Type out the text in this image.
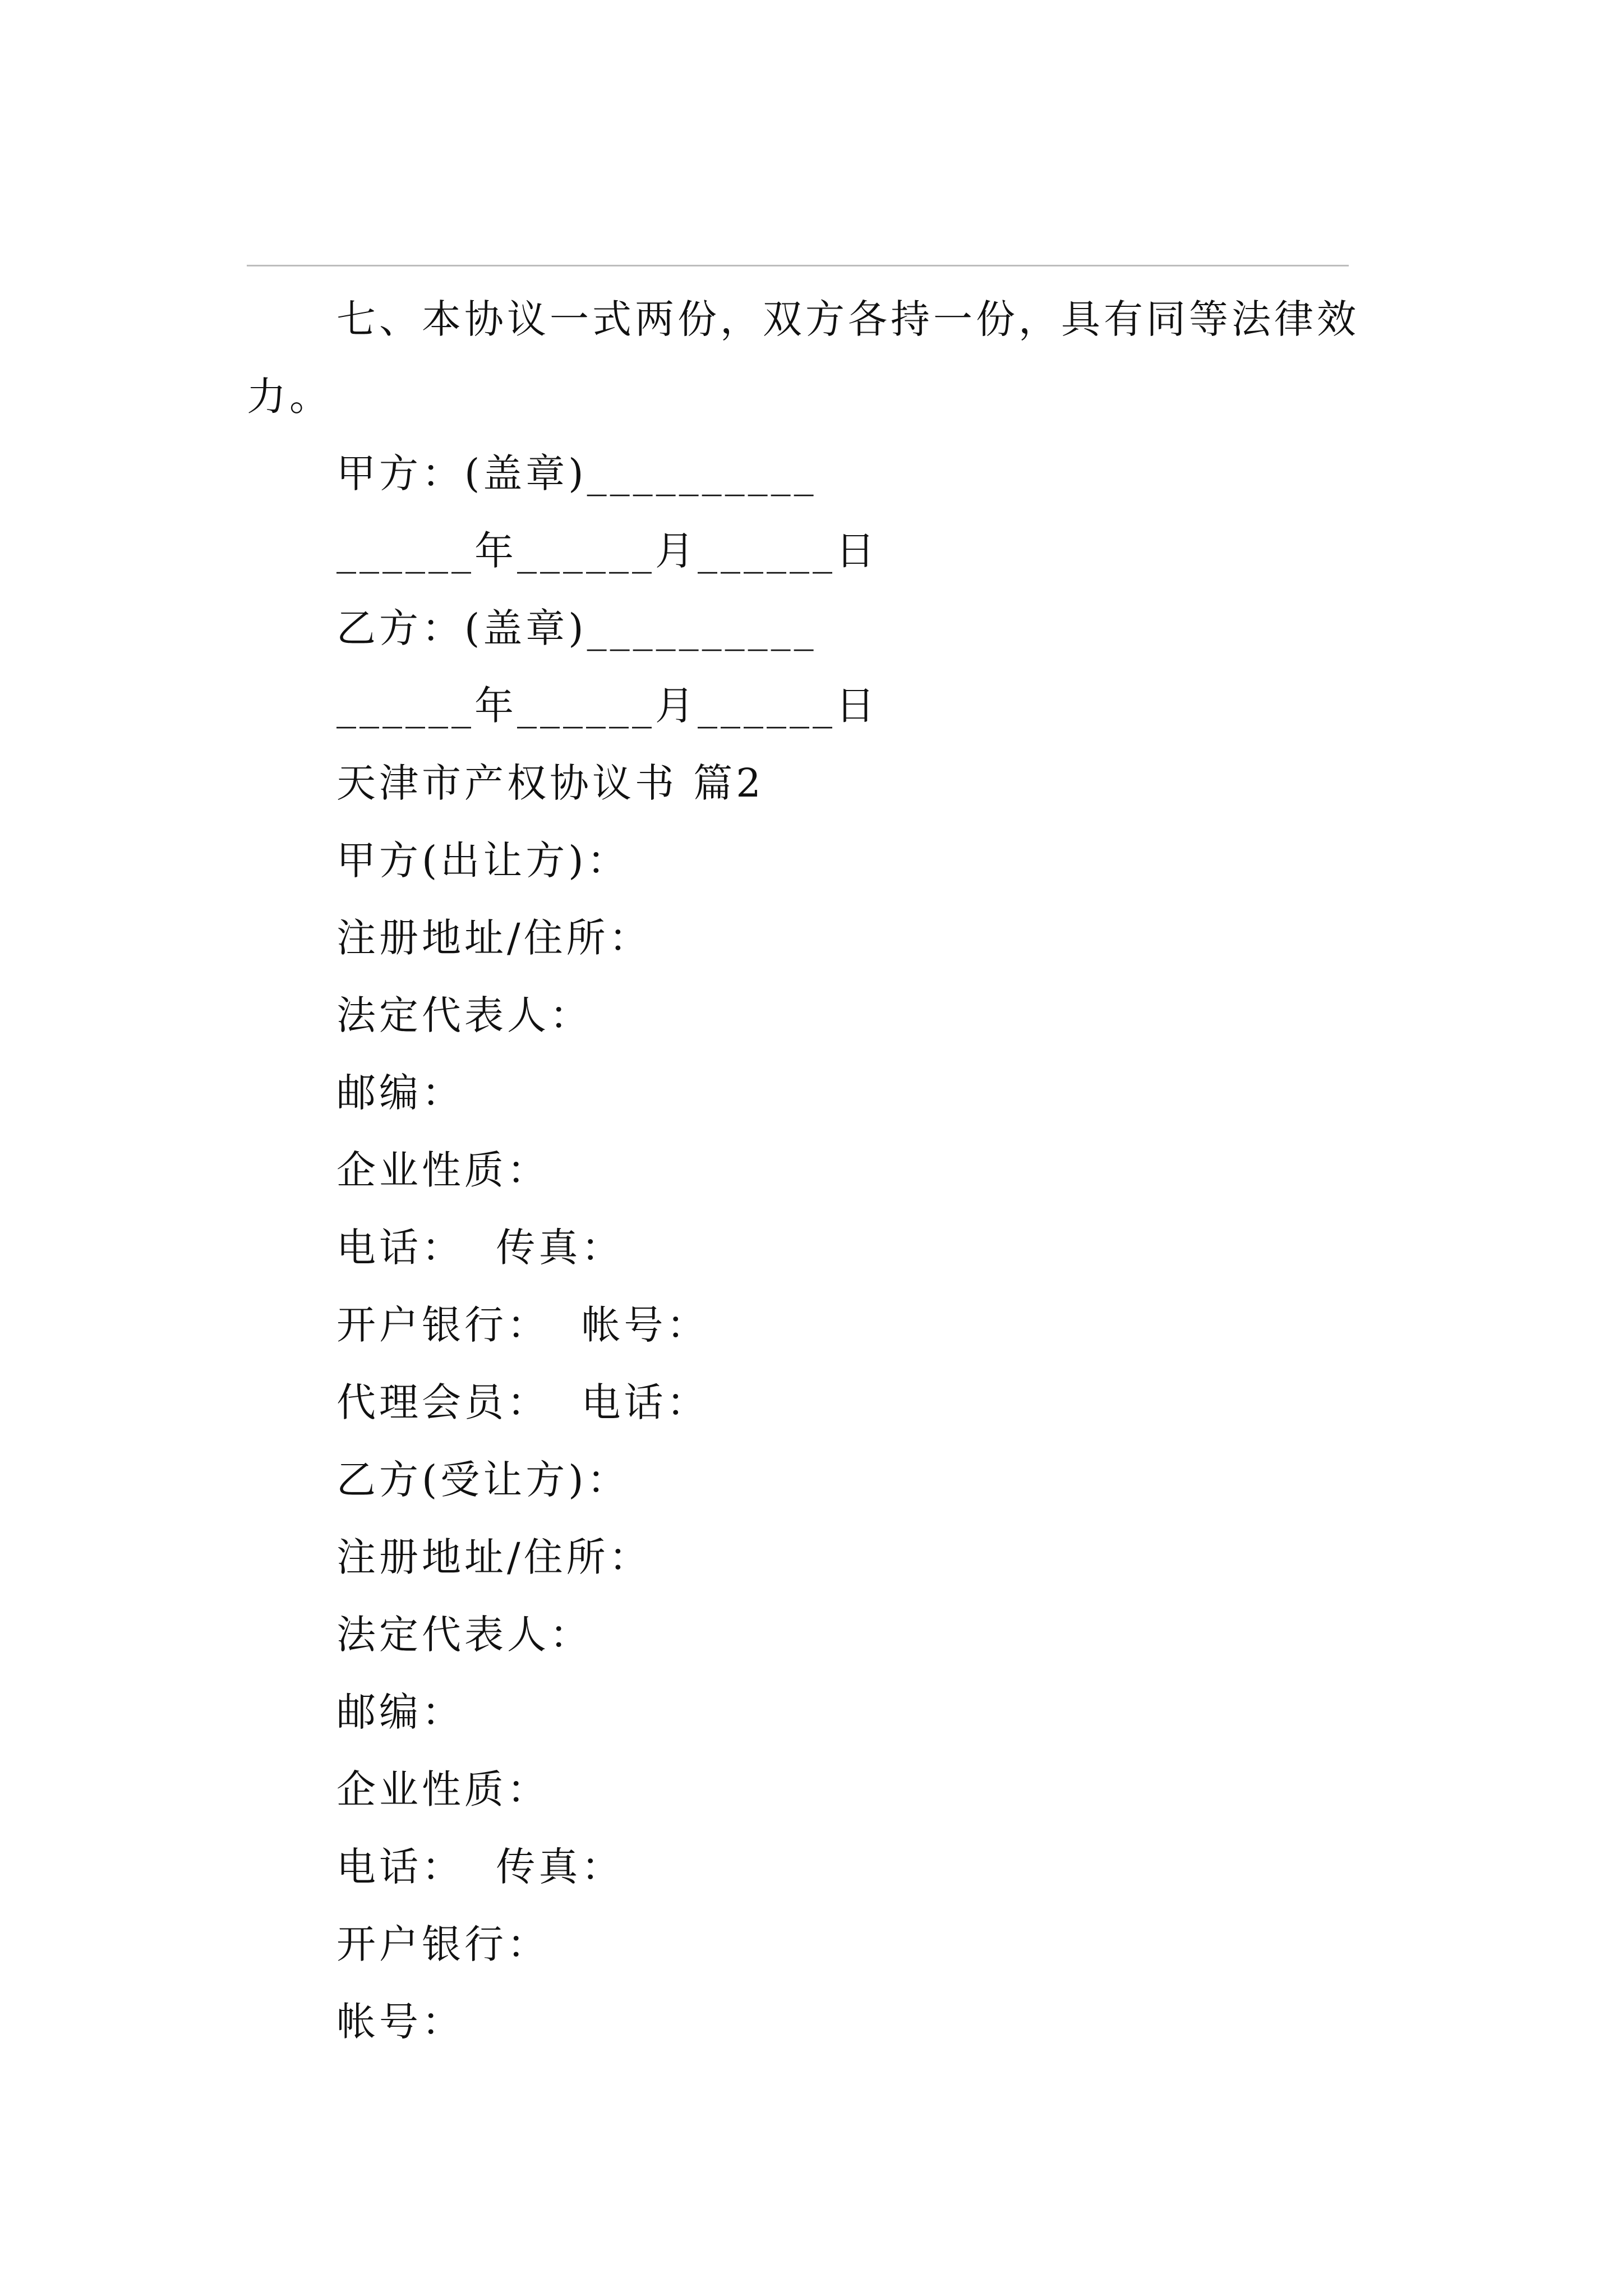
七、本协议一式两份，双方各持一份，具有同等法律效力。
甲方：(盖章)__________
______年______月______日
乙方：(盖章)__________
______年______月______日
天津市产权协议书 篇2
甲方(出让方)：
注册地址/住所：
法定代表人：
邮编：
企业性质：
电话：  传真：
开户银行：  帐号：
代理会员：  电话：
乙方(受让方)：
注册地址/住所：
法定代表人：
邮编：
企业性质：
电话：  传真：
开户银行：
帐号：
